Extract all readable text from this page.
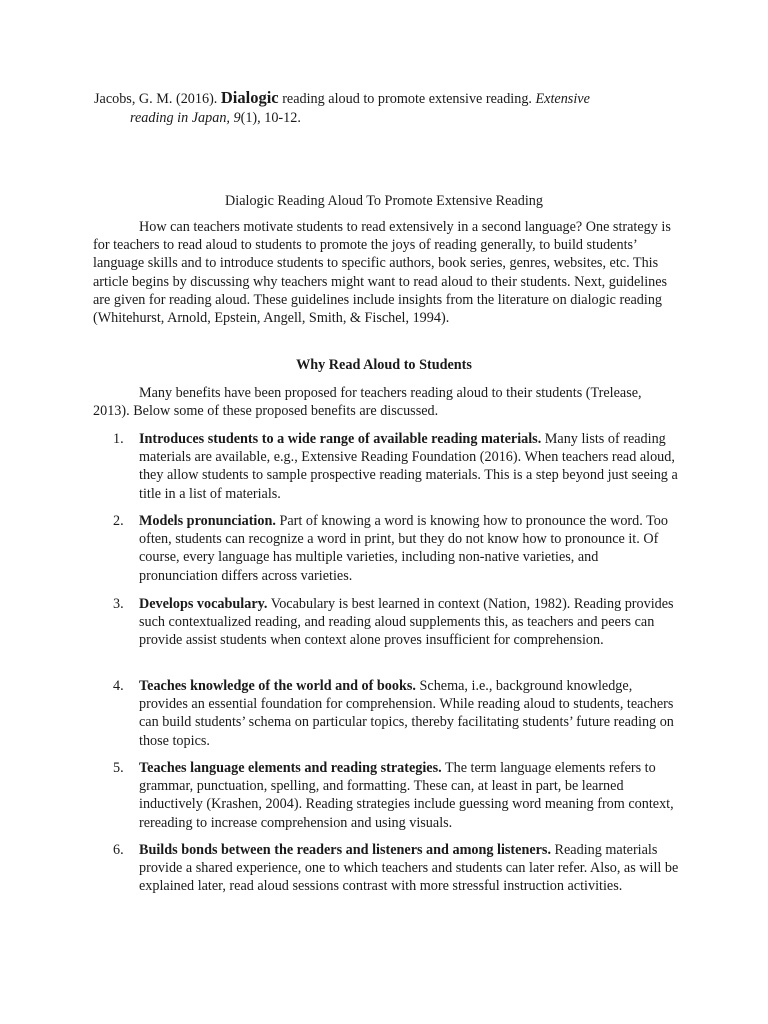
Jacobs, G. M. (2016). Dialogic reading aloud to promote extensive reading. Extensive
reading in Japan, 9(1), 10-12.
Dialogic Reading Aloud To Promote Extensive Reading

How can teachers motivate students to read extensively in a second language? One strategy is for teachers to read aloud to students to promote the joys of reading generally, to build students’ language skills and to introduce students to specific authors, book series, genres, websites, etc. This article begins by discussing why teachers might want to read aloud to their students. Next, guidelines are given for reading aloud. These guidelines include insights from the literature on dialogic reading (Whitehurst, Arnold, Epstein, Angell, Smith, & Fischel, 1994).

Why Read Aloud to Students

Many benefits have been proposed for teachers reading aloud to their students (Trelease, 2013). Below some of these proposed benefits are discussed.

1. Introduces students to a wide range of available reading materials. Many lists of reading materials are available, e.g., Extensive Reading Foundation (2016). When teachers read aloud, they allow students to sample prospective reading materials. This is a step beyond just seeing a title in a list of materials.
2. Models pronunciation. Part of knowing a word is knowing how to pronounce the word. Too often, students can recognize a word in print, but they do not know how to pronounce it. Of course, every language has multiple varieties, including non-native varieties, and pronunciation differs across varieties.
3. Develops vocabulary. Vocabulary is best learned in context (Nation, 1982). Reading provides such contextualized reading, and reading aloud supplements this, as teachers and peers can provide assist students when context alone proves insufficient for comprehension.
4. Teaches knowledge of the world and of books. Schema, i.e., background knowledge, provides an essential foundation for comprehension. While reading aloud to students, teachers can build students’ schema on particular topics, thereby facilitating students’ future reading on those topics.
5. Teaches language elements and reading strategies. The term language elements refers to grammar, punctuation, spelling, and formatting. These can, at least in part, be learned inductively (Krashen, 2004). Reading strategies include guessing word meaning from context, rereading to increase comprehension and using visuals.
6. Builds bonds between the readers and listeners and among listeners. Reading materials provide a shared experience, one to which teachers and students can later refer. Also, as will be explained later, read aloud sessions contrast with more stressful instruction activities.
